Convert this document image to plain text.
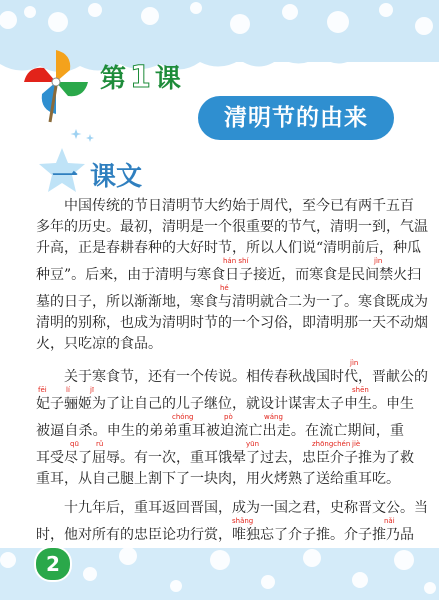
第1课
清明节的由来
一 课文
中国传统的节日清明节大约始于周代，至今已有两千五百
多年的历史。最初，清明是一个很重要的节气，清明一到，气温
升高，正是春耕春种的大好时节，所以人们说“清明前后，种瓜
hán shí	jìn
种豆”。后来，由于清明与寒食日子接近，而寒食是民间禁火扫
hé
墓的日子，所以渐渐地，寒食与清明就合二为一了。寒食既成为
清明的别称，也成为清明时节的一个习俗，即清明那一天不动烟
火，只吃凉的食品。
jìn
关于寒食节，还有一个传说。相传春秋战国时代，晋献公的
fēi	lí	jī	shēn
妃子骊姬为了让自己的儿子继位，就设计谋害太子申生。申生
chóng	pò	wáng
被逼自杀。申生的弟弟重耳被迫流亡出走。在流亡期间，重
qū rǔ	yūn	zhōngchén jiè
耳受尽了屈辱。有一次，重耳饿晕了过去，忠臣介子推为了救
重耳，从自己腿上割下了一块肉，用火烤熟了送给重耳吃。
十九年后，重耳返回晋国，成为一国之君，史称晋文公。当
shǎng	nǎi
时，他对所有的忠臣论功行赏，唯独忘了介子推。介子推乃品
2
